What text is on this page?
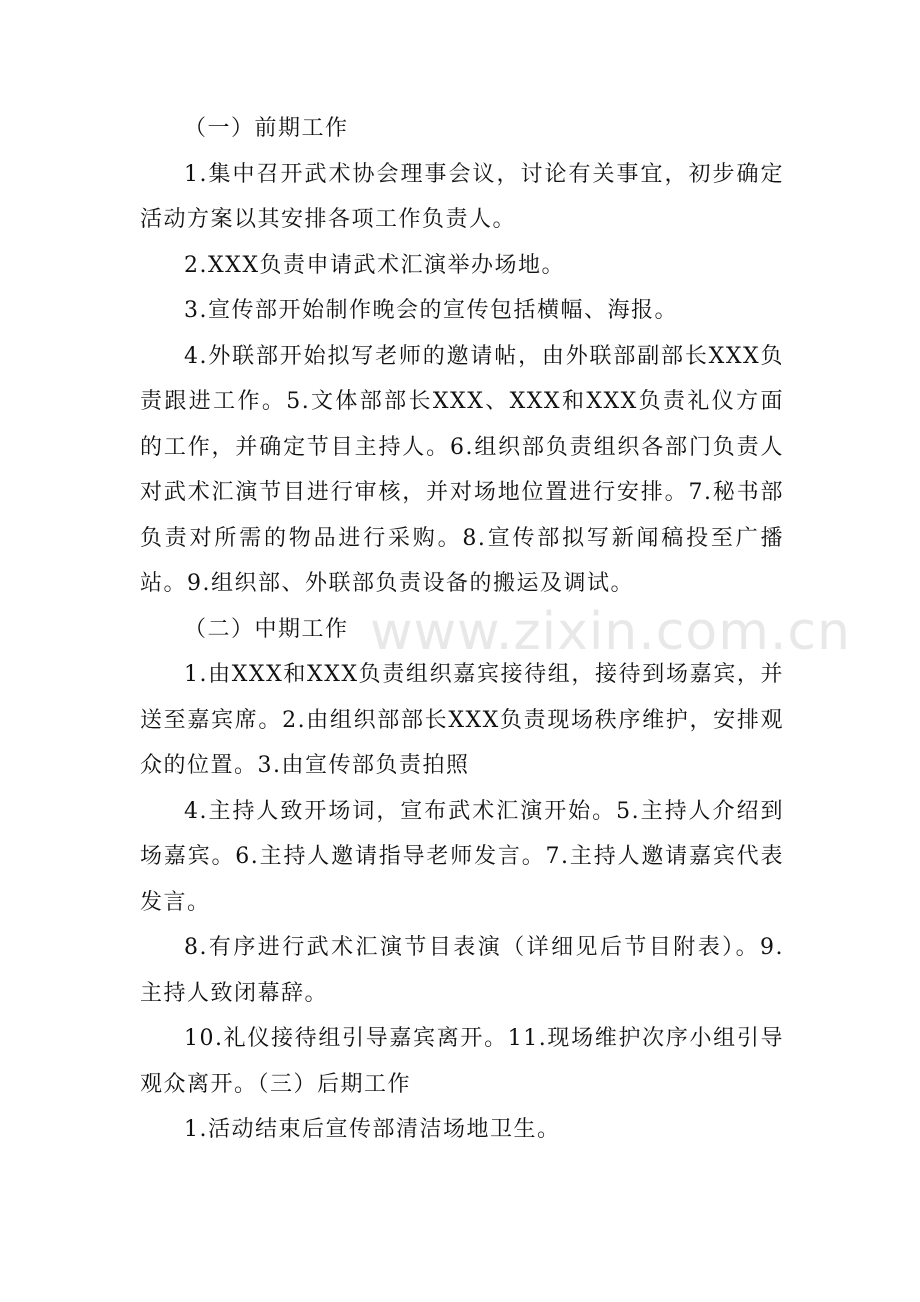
（一）前期工作

1.集中召开武术协会理事会议，讨论有关事宜，初步确定活动方案以其安排各项工作负责人。

2.XXX负责申请武术汇演举办场地。

3.宣传部开始制作晚会的宣传包括横幅、海报。

4.外联部开始拟写老师的邀请帖，由外联部副部长XXX负责跟进工作。5.文体部部长XXX、XXX和XXX负责礼仪方面的工作，并确定节目主持人。6.组织部负责组织各部门负责人对武术汇演节目进行审核，并对场地位置进行安排。7.秘书部负责对所需的物品进行采购。8.宣传部拟写新闻稿投至广播站。9.组织部、外联部负责设备的搬运及调试。

（二）中期工作

1.由XXX和XXX负责组织嘉宾接待组，接待到场嘉宾，并送至嘉宾席。2.由组织部部长XXX负责现场秩序维护，安排观众的位置。3.由宣传部负责拍照

4.主持人致开场词，宣布武术汇演开始。5.主持人介绍到场嘉宾。6.主持人邀请指导老师发言。7.主持人邀请嘉宾代表发言。

8.有序进行武术汇演节目表演（详细见后节目附表）。9.主持人致闭幕辞。

10.礼仪接待组引导嘉宾离开。11.现场维护次序小组引导观众离开。（三）后期工作

1.活动结束后宣传部清洁场地卫生。

www.zixin.com.cn
